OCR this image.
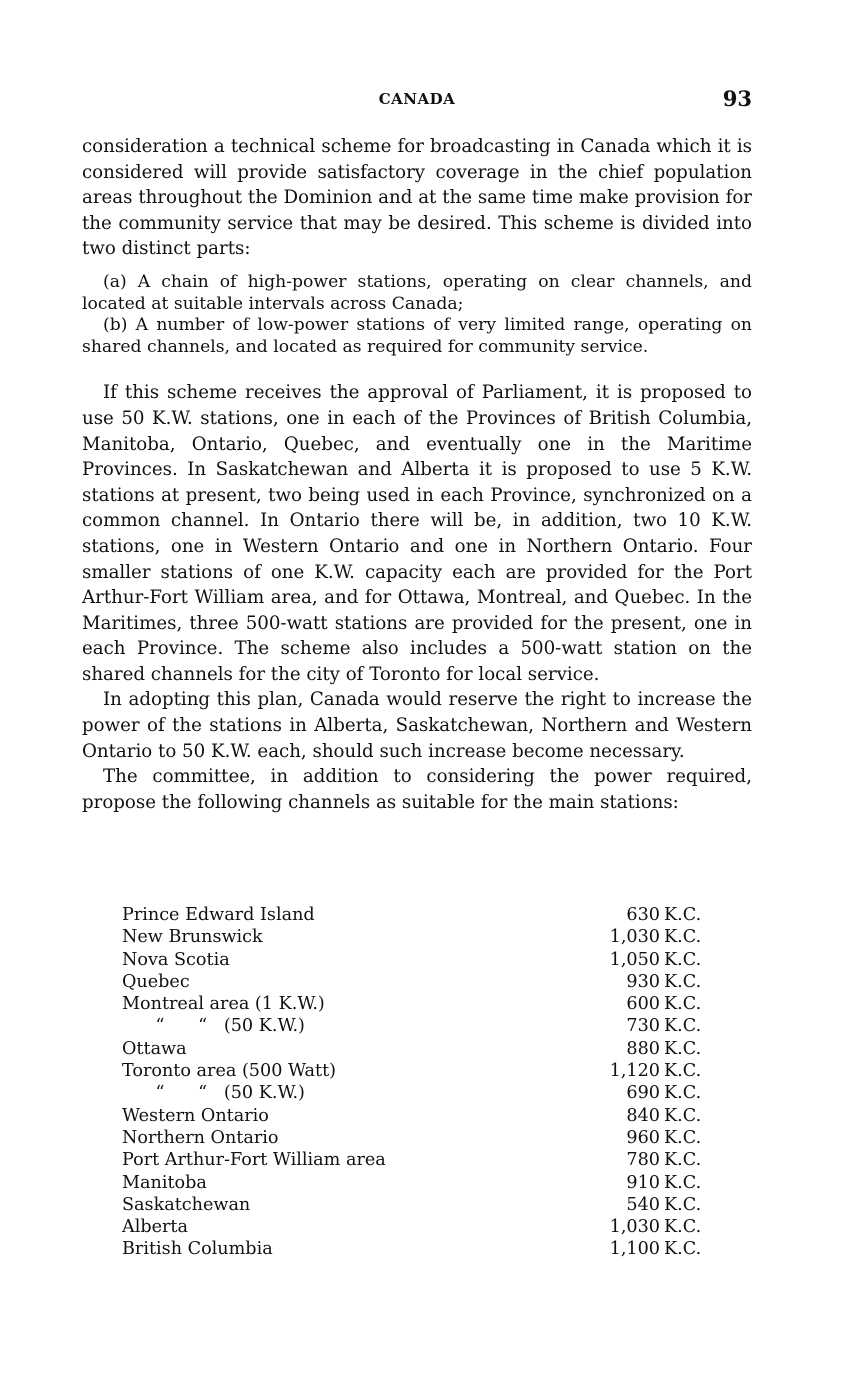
CANADA	93

consideration a technical scheme for broadcasting in Canada which it is considered will provide satisfactory coverage in the chief population areas throughout the Dominion and at the same time make provision for the community service that may be desired. This scheme is divided into two distinct parts:

(a) A chain of high-power stations, operating on clear channels, and located at suitable intervals across Canada;

(b) A number of low-power stations of very limited range, operating on shared channels, and located as required for community service.

If this scheme receives the approval of Parliament, it is proposed to use 50 K.W. stations, one in each of the Provinces of British Columbia, Manitoba, Ontario, Quebec, and eventually one in the Maritime Provinces. In Saskatchewan and Alberta it is proposed to use 5 K.W. stations at present, two being used in each Province, synchronized on a common channel. In Ontario there will be, in addition, two 10 K.W. stations, one in Western Ontario and one in Northern Ontario. Four smaller stations of one K.W. capacity each are provided for the Port Arthur-Fort William area, and for Ottawa, Montreal, and Quebec. In the Maritimes, three 500-watt stations are provided for the present, one in each Province. The scheme also includes a 500-watt station on the shared channels for the city of Toronto for local service.

In adopting this plan, Canada would reserve the right to increase the power of the stations in Alberta, Saskatchewan, Northern and Western Ontario to 50 K.W. each, should such increase become necessary.

The committee, in addition to considering the power required, propose the following channels as suitable for the main stations:

Prince Edward Island	630 K.C.
New Brunswick	1,030 K.C.
Nova Scotia	1,050 K.C.
Quebec	930 K.C.
Montreal area (1 K.W.)	600 K.C.
“      “   (50 K.W.)	730 K.C.
Ottawa	880 K.C.
Toronto area (500 Watt)	1,120 K.C.
“      “   (50 K.W.)	690 K.C.
Western Ontario	840 K.C.
Northern Ontario	960 K.C.
Port Arthur-Fort William area	780 K.C.
Manitoba	910 K.C.
Saskatchewan	540 K.C.
Alberta	1,030 K.C.
British Columbia	1,100 K.C.
